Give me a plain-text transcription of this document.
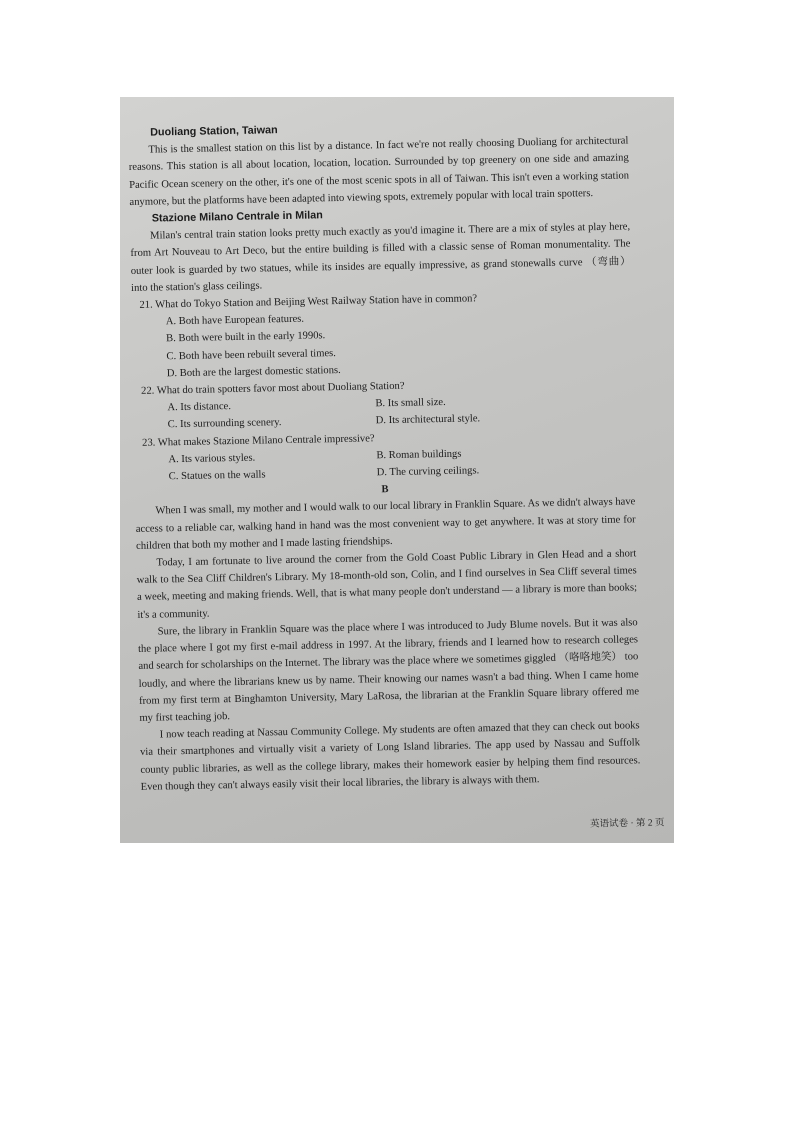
Duoliang Station, Taiwan

This is the smallest station on this list by a distance. In fact we're not really choosing Duoliang for architectural reasons. This station is all about location, location, location. Surrounded by top greenery on one side and amazing Pacific Ocean scenery on the other, it's one of the most scenic spots in all of Taiwan. This isn't even a working station anymore, but the platforms have been adapted into viewing spots, extremely popular with local train spotters.

Stazione Milano Centrale in Milan

Milan's central train station looks pretty much exactly as you'd imagine it. There are a mix of styles at play here, from Art Nouveau to Art Deco, but the entire building is filled with a classic sense of Roman monumentality. The outer look is guarded by two statues, while its insides are equally impressive, as grand stonewalls curve （弯曲） into the station's glass ceilings.

21. What do Tokyo Station and Beijing West Railway Station have in common?

A. Both have European features.

B. Both were built in the early 1990s.

C. Both have been rebuilt several times.

D. Both are the largest domestic stations.

22. What do train spotters favor most about Duoliang Station?

A. Its distance.	B. Its small size.

C. Its surrounding scenery.	D. Its architectural style.

23. What makes Stazione Milano Centrale impressive?

A. Its various styles.	B. Roman buildings

C. Statues on the walls	D. The curving ceilings.

B

When I was small, my mother and I would walk to our local library in Franklin Square. As we didn't always have access to a reliable car, walking hand in hand was the most convenient way to get anywhere. It was at story time for children that both my mother and I made lasting friendships.

Today, I am fortunate to live around the corner from the Gold Coast Public Library in Glen Head and a short walk to the Sea Cliff Children's Library. My 18-month-old son, Colin, and I find ourselves in Sea Cliff several times a week, meeting and making friends. Well, that is what many people don't understand — a library is more than books; it's a community.

Sure, the library in Franklin Square was the place where I was introduced to Judy Blume novels. But it was also the place where I got my first e-mail address in 1997. At the library, friends and I learned how to research colleges and search for scholarships on the Internet. The library was the place where we sometimes giggled （咯咯地笑） too loudly, and where the librarians knew us by name. Their knowing our names wasn't a bad thing. When I came home from my first term at Binghamton University, Mary LaRosa, the librarian at the Franklin Square library offered me my first teaching job.

I now teach reading at Nassau Community College. My students are often amazed that they can check out books via their smartphones and virtually visit a variety of Long Island libraries. The app used by Nassau and Suffolk county public libraries, as well as the college library, makes their homework easier by helping them find resources. Even though they can't always easily visit their local libraries, the library is always with them.

英语试卷 · 第 2 页
